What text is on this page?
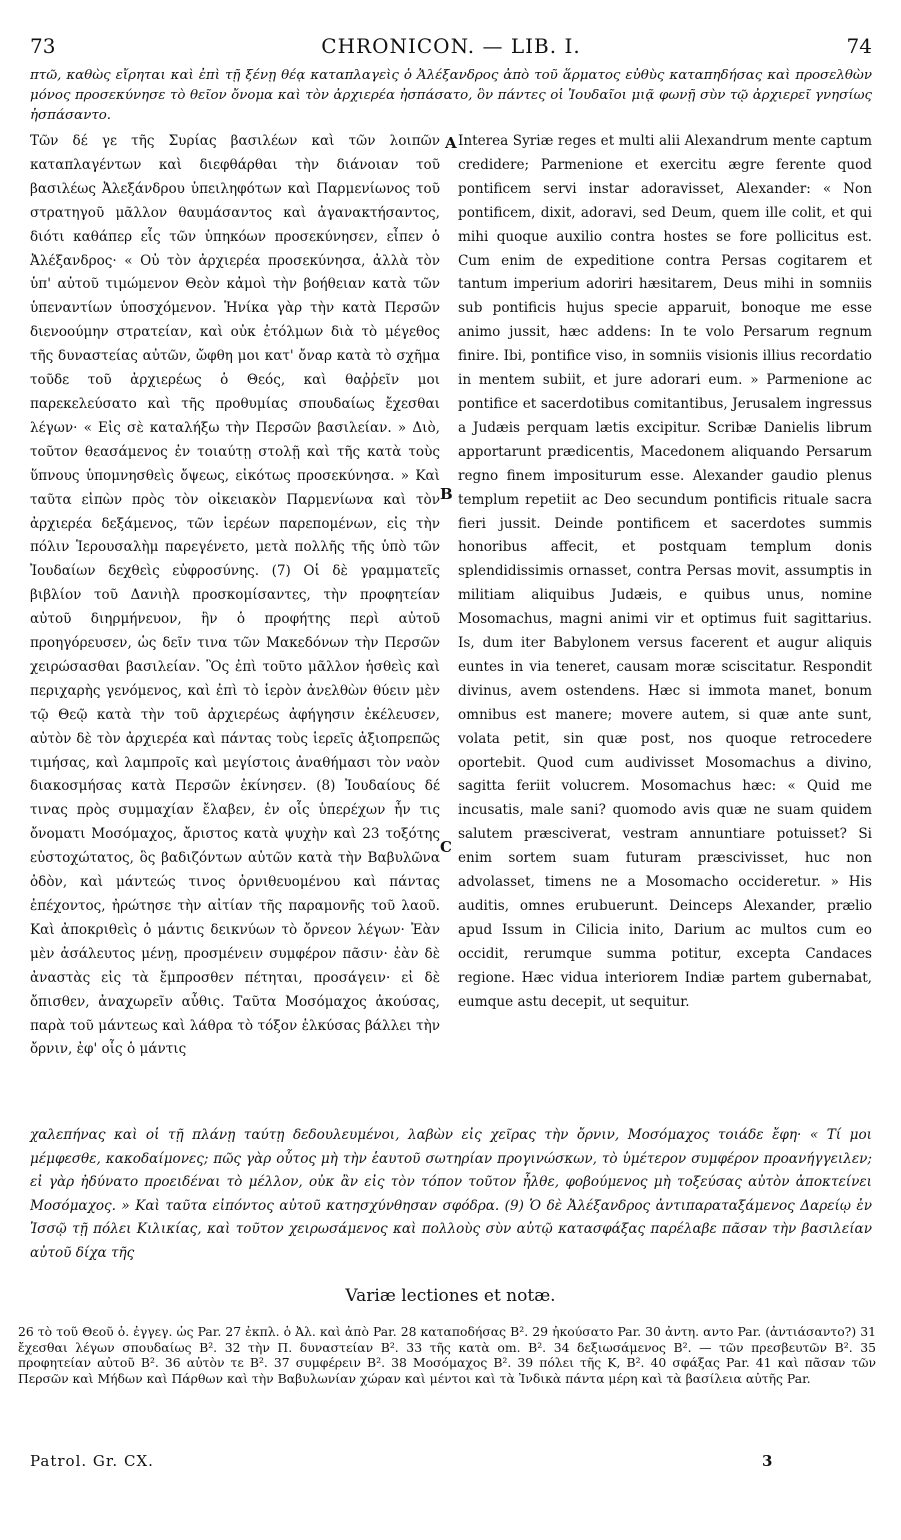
73	CHRONICON. — LIB. I.	74
πτῶ, καθὼς εἴρηται καὶ ἐπὶ τῇ ξένῃ θέᾳ καταπλαγεὶς ὁ Ἀλέξανδρος ἀπὸ τοῦ ἅρματος εὐθὺς καταπηδήσας καὶ προσελθὼν μόνος προσεκύνησε τὸ θεῖον ὄνομα καὶ τὸν ἀρχιερέα ἠσπάσατο, ὃν πάντες οἱ Ἰουδαῖοι μιᾷ φωνῇ σὺν τῷ ἀρχιερεῖ γνησίως ἠσπάσαντο.
Τῶν δέ γε τῆς Συρίας βασιλέων καὶ τῶν λοιπῶν καταπλαγέντων καὶ διεφθάρθαι τὴν διάνοιαν τοῦ βασιλέως Ἀλεξάνδρου ὑπειληφότων καὶ Παρμενίωνος τοῦ στρατηγοῦ μᾶλλον θαυμάσαντος καὶ ἀγανακτήσαντος, διότι καθάπερ εἷς τῶν ὑπηκόων προσεκύνησεν, εἶπεν ὁ Ἀλέξανδρος· « Οὐ τὸν ἀρχιερέα προσεκύνησα, ἀλλὰ τὸν ὑπ' αὐτοῦ τιμώμενον Θεὸν κἀμοὶ τὴν βοήθειαν κατὰ τῶν ὑπεναντίων ὑποσχόμενον. Ἡνίκα γὰρ τὴν κατὰ Περσῶν διενοούμην στρατείαν, καὶ οὐκ ἐτόλμων διὰ τὸ μέγεθος τῆς δυναστείας αὐτῶν, ὤφθη μοι κατ' ὄναρ κατὰ τὸ σχῆμα τοῦδε τοῦ ἀρχιερέως ὁ Θεός, καὶ θαῤῥεῖν μοι παρεκελεύσατο καὶ τῆς προθυμίας σπουδαίως ἔχεσθαι λέγων· « Εἰς σὲ καταλήξω τὴν Περσῶν βασιλείαν. » Διὸ, τοῦτον θεασάμενος ἐν τοιαύτῃ στολῇ καὶ τῆς κατὰ τοὺς ὕπνους ὑπομνησθεὶς ὄψεως, εἰκότως προσεκύνησα. » Καὶ ταῦτα εἰπὼν πρὸς τὸν οἰκειακὸν Παρμενίωνα καὶ τὸν ἀρχιερέα δεξάμενος, τῶν ἱερέων παρεπομένων, εἰς τὴν πόλιν Ἱερουσαλὴμ παρεγένετο, μετὰ πολλῆς τῆς ὑπὸ τῶν Ἰουδαίων δεχθεὶς εὐφροσύνης. (7) Οἱ δὲ γραμματεῖς βιβλίον τοῦ Δανιὴλ προσκομίσαντες, τὴν προφητείαν αὐτοῦ διηρμήνευον, ἣν ὁ προφήτης περὶ αὐτοῦ προηγόρευσεν, ὡς δεῖν τινα τῶν Μακεδόνων τὴν Περσῶν χειρώσασθαι βασιλείαν. Ὃς ἐπὶ τοῦτο μᾶλλον ἡσθεὶς καὶ περιχαρὴς γενόμενος, καὶ ἐπὶ τὸ ἱερὸν ἀνελθὼν θύειν μὲν τῷ Θεῷ κατὰ τὴν τοῦ ἀρχιερέως ἀφήγησιν ἐκέλευσεν, αὐτὸν δὲ τὸν ἀρχιερέα καὶ πάντας τοὺς ἱερεῖς ἀξιοπρεπῶς τιμήσας, καὶ λαμπροῖς καὶ μεγίστοις ἀναθήμασι τὸν ναὸν διακοσμήσας κατὰ Περσῶν ἐκίνησεν. (8) Ἰουδαίους δέ τινας πρὸς συμμαχίαν ἔλαβεν, ἐν οἷς ὑπερέχων ἦν τις ὄνοματι Μοσόμαχος, ἄριστος κατὰ ψυχὴν καὶ 23 τοξότης εὐστοχώτατος, ὃς βαδιζόντων αὐτῶν κατὰ τὴν Βαβυλῶνα ὁδὸν, καὶ μάντεώς τινος ὀρνιθευομένου καὶ πάντας ἐπέχοντος, ἠρώτησε τὴν αἰτίαν τῆς παραμονῆς τοῦ λαοῦ. Καὶ ἀποκριθεὶς ὁ μάντις δεικνύων τὸ ὄρνεον λέγων· Ἐὰν μὲν ἀσάλευτος μένῃ, προσμένειν συμφέρον πᾶσιν· ἐὰν δὲ ἀναστὰς εἰς τὰ ἔμπροσθεν πέτηται, προσάγειν· εἰ δὲ ὄπισθεν, ἀναχωρεῖν αὖθις. Ταῦτα Μοσόμαχος ἀκούσας, παρὰ τοῦ μάντεως καὶ λάθρα τὸ τόξον ἑλκύσας βάλλει τὴν ὄρνιν, ἐφ' οἷς ὁ μάντις
Interea Syriæ reges et multi alii Alexandrum mente captum credidere; Parmenione et exercitu ægre ferente quod pontificem servi instar adoravisset, Alexander: « Non pontificem, dixit, adoravi, sed Deum, quem ille colit, et qui mihi quoque auxilio contra hostes se fore pollicitus est. Cum enim de expeditione contra Persas cogitarem et tantum imperium adoriri hæsitarem, Deus mihi in somniis sub pontificis hujus specie apparuit, bonoque me esse animo jussit, hæc addens: In te volo Persarum regnum finire. Ibi, pontifice viso, in somniis visionis illius recordatio in mentem subiit, et jure adorari eum. » Parmenione ac pontifice et sacerdotibus comitantibus, Jerusalem ingressus a Judæis perquam lætis excipitur. Scribæ Danielis librum apportarunt prædicentis, Macedonem aliquando Persarum regno finem impositurum esse. Alexander gaudio plenus templum repetiit ac Deo secundum pontificis rituale sacra fieri jussit. Deinde pontificem et sacerdotes summis honoribus affecit, et postquam templum donis splendidissimis ornasset, contra Persas movit, assumptis in militiam aliquibus Judæis, e quibus unus, nomine Mosomachus, magni animi vir et optimus fuit sagittarius. Is, dum iter Babylonem versus facerent et augur aliquis euntes in via teneret, causam moræ sciscitatur. Respondit divinus, avem ostendens. Hæc si immota manet, bonum omnibus est manere; movere autem, si quæ ante sunt, volata petit, sin quæ post, nos quoque retrocedere oportebit. Quod cum audivisset Mosomachus a divino, sagitta feriit volucrem. Mosomachus hæc: « Quid me incusatis, male sani? quomodo avis quæ ne suam quidem salutem præsciverat, vestram annuntiare potuisset? Si enim sortem suam futuram præscivisset, huc non advolasset, timens ne a Mosomacho occideretur. » His auditis, omnes erubuerunt. Deinceps Alexander, prælio apud Issum in Cilicia inito, Darium ac multos cum eo occidit, rerumque summa potitur, excepta Candaces regione. Hæc vidua interiorem Indiæ partem gubernabat, eumque astu decepit, ut sequitur.
A
B
C
χαλεπήνας καὶ οἱ τῇ πλάνῃ ταύτῃ δεδουλευμένοι, λαβὼν εἰς χεῖρας τὴν ὄρνιν, Μοσόμαχος τοιάδε ἔφη· « Τί μοι μέμφεσθε, κακοδαίμονες; πῶς γὰρ οὗτος μὴ τὴν ἑαυτοῦ σωτηρίαν προγινώσκων, τὸ ὑμέτερον συμφέρον προανήγγειλεν; εἰ γὰρ ἠδύνατο προειδέναι τὸ μέλλον, οὐκ ἂν εἰς τὸν τόπον τοῦτον ἦλθε, φοβούμενος μὴ τοξεύσας αὐτὸν ἀποκτείνει Μοσόμαχος. » Καὶ ταῦτα εἰπόντος αὐτοῦ κατησχύνθησαν σφόδρα. (9) Ὁ δὲ Ἀλέξανδρος ἀντιπαραταξάμενος Δαρείῳ ἐν Ἰσσῷ τῇ πόλει Κιλικίας, καὶ τοῦτον χειρωσάμενος καὶ πολλοὺς σὺν αὐτῷ κατασφάξας παρέλαβε πᾶσαν τὴν βασιλείαν αὐτοῦ δίχα τῆς
Variæ lectiones et notæ.
26 τὸ τοῦ Θεοῦ ὁ. ἐγγεγ. ὡς Par. 27 ἐκπλ. ὁ Ἀλ. καὶ ἀπὸ Par. 28 καταποδήσας B². 29 ἠκούσατο Par. 30 ἀντη. αντο Par. (ἀντιάσαντο?) 31 ἔχεσθαι λέγων σπουδαίως B². 32 τὴν Π. δυναστείαν B². 33 τῆς κατὰ om. B². 34 δεξιωσάμενος B². — τῶν πρεσβευτῶν B². 35 προφητείαν αὐτοῦ B². 36 αὐτὸν τε B². 37 συμφέρειν B². 38 Μοσόμαχος B². 39 πόλει τῆς Κ, B². 40 σφάξας Par. 41 καὶ πᾶσαν τῶν Περσῶν καὶ Μήδων καὶ Πάρθων καὶ τὴν Βαβυλωνίαν χώραν καὶ μέντοι καὶ τὰ Ἰνδικὰ πάντα μέρη καὶ τὰ βασίλεια αὐτῆς Par.
Patrol. Gr. CX.	3
